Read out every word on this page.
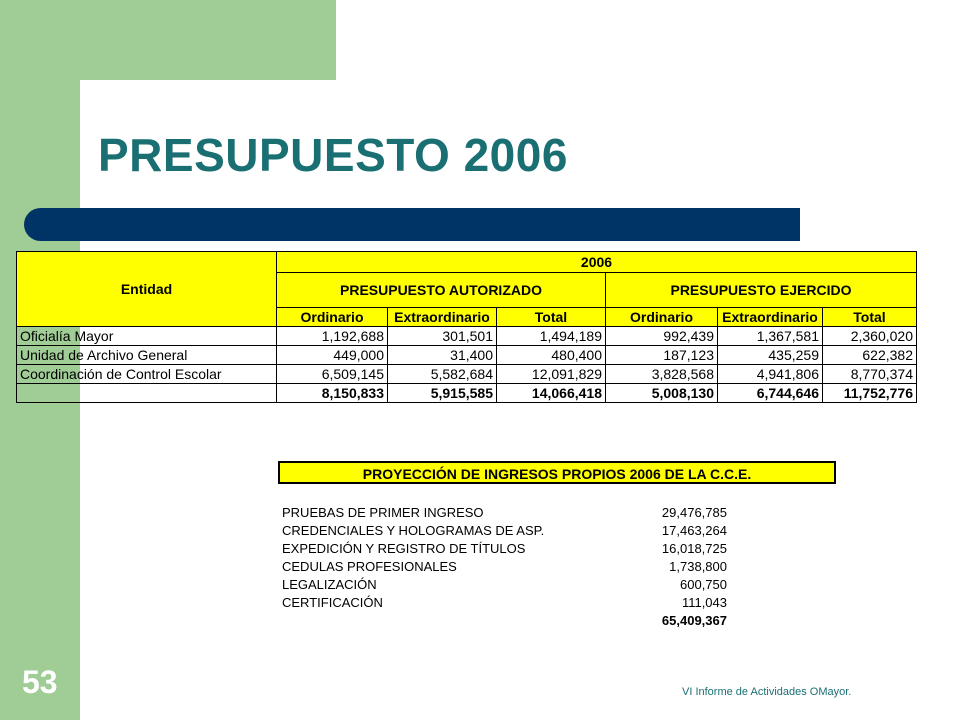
PRESUPUESTO 2006
Entidad	2006					
	PRESUPUESTO AUTORIZADO			PRESUPUESTO EJERCIDO		
	Ordinario	Extraordinario	Total	Ordinario	Extraordinario	Total
Oficialía Mayor	1,192,688	301,501	1,494,189	992,439	1,367,581	2,360,020
Unidad de Archivo General	449,000	31,400	480,400	187,123	435,259	622,382
Coordinación de Control Escolar	6,509,145	5,582,684	12,091,829	3,828,568	4,941,806	8,770,374
	8,150,833	5,915,585	14,066,418	5,008,130	6,744,646	11,752,776
PROYECCIÓN DE INGRESOS PROPIOS 2006 DE LA C.C.E.
PRUEBAS DE PRIMER INGRESO	29,476,785
CREDENCIALES Y HOLOGRAMAS DE ASP.	17,463,264
EXPEDICIÓN Y REGISTRO DE TÍTULOS	16,018,725
CEDULAS PROFESIONALES	1,738,800
LEGALIZACIÓN	600,750
CERTIFICACIÓN	111,043
65,409,367
53	VI Informe de Actividades OMayor.
